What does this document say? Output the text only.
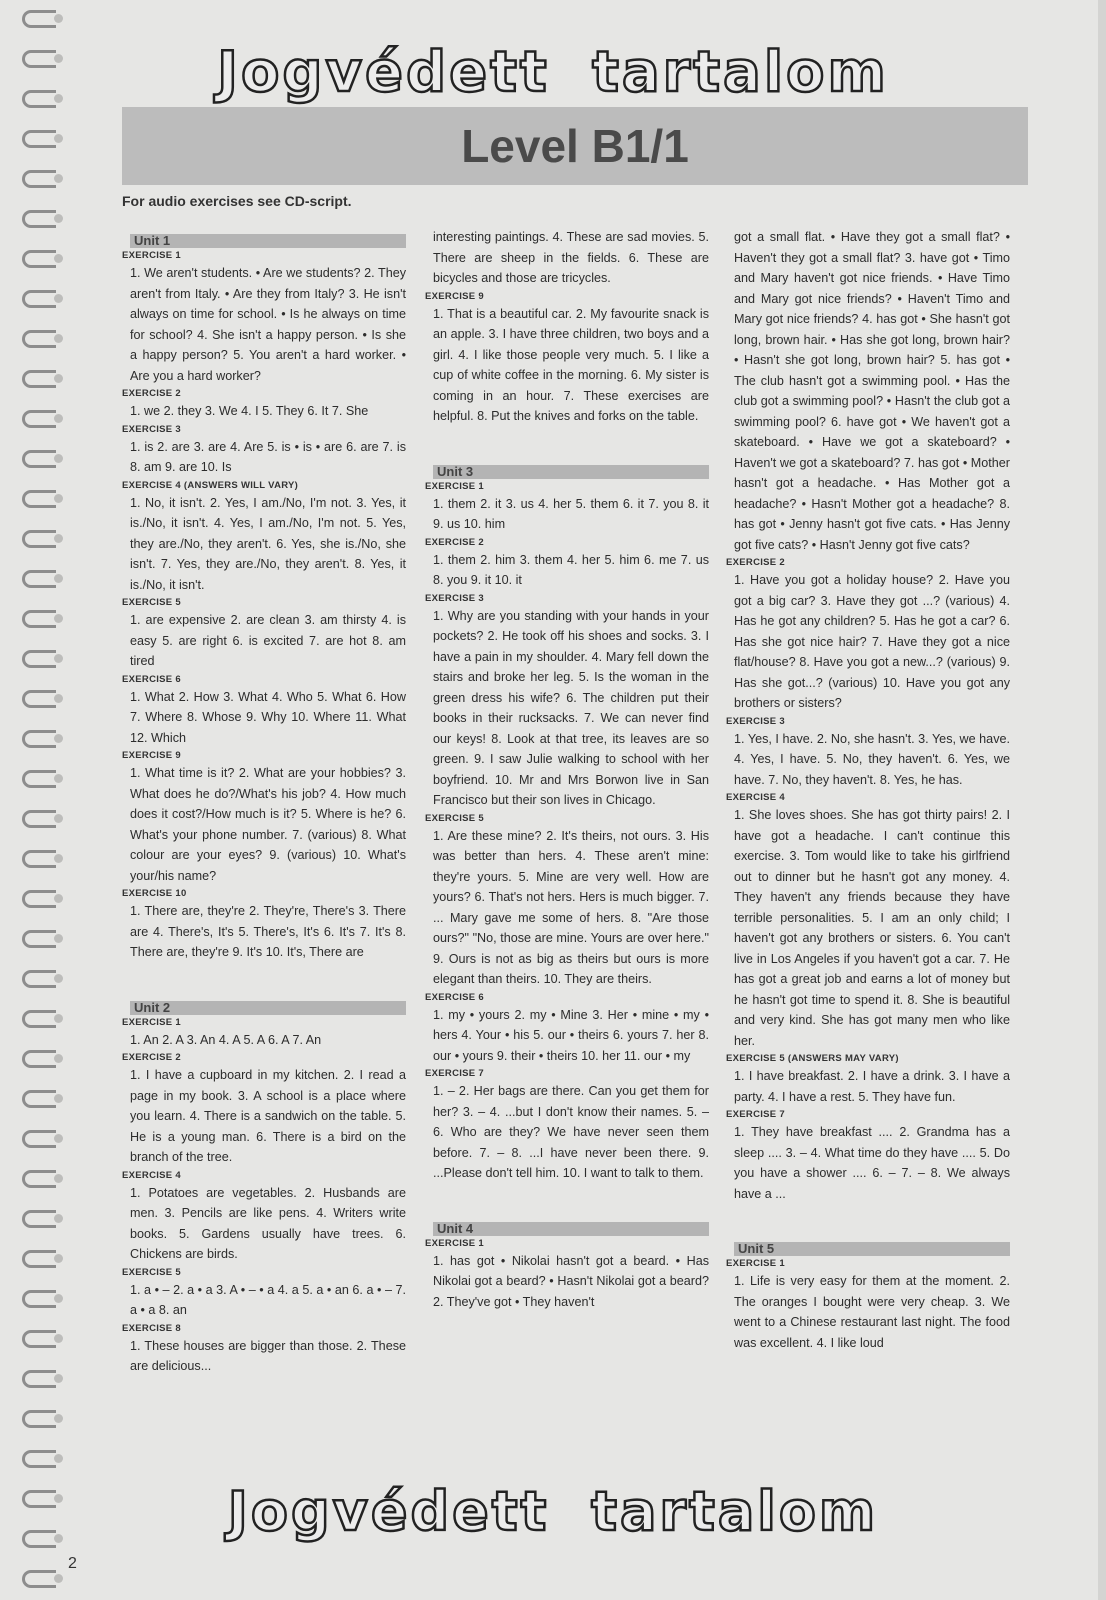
Jogvédett tartalom
Level B1/1
For audio exercises see CD-script.
Unit 1
EXERCISE 1

1. We aren't students. • Are we students? 2. They aren't from Italy. • Are they from Italy? 3. He isn't always on time for school. • Is he always on time for school? 4. She isn't a happy person. • Is she a happy person? 5. You aren't a hard worker. • Are you a hard worker?

EXERCISE 2

1. we 2. they 3. We 4. I 5. They 6. It 7. She

EXERCISE 3

1. is 2. are 3. are 4. Are 5. is • is • are 6. are 7. is 8. am 9. are 10. Is

EXERCISE 4 (ANSWERS WILL VARY)

1. No, it isn't. 2. Yes, I am./No, I'm not. 3. Yes, it is./No, it isn't. 4. Yes, I am./No, I'm not. 5. Yes, they are./No, they aren't. 6. Yes, she is./No, she isn't. 7. Yes, they are./No, they aren't. 8. Yes, it is./No, it isn't.

EXERCISE 5

1. are expensive 2. are clean 3. am thirsty 4. is easy 5. are right 6. is excited 7. are hot 8. am tired

EXERCISE 6

1. What 2. How 3. What 4. Who 5. What 6. How 7. Where 8. Whose 9. Why 10. Where 11. What 12. Which

EXERCISE 9

1. What time is it? 2. What are your hobbies? 3. What does he do?/What's his job? 4. How much does it cost?/How much is it? 5. Where is he? 6. What's your phone number. 7. (various) 8. What colour are your eyes? 9. (various) 10. What's your/his name?

EXERCISE 10

1. There are, they're 2. They're, There's 3. There are 4. There's, It's 5. There's, It's 6. It's 7. It's 8. There are, they're 9. It's 10. It's, There are

Unit 2
EXERCISE 1

1. An 2. A 3. An 4. A 5. A 6. A 7. An

EXERCISE 2

1. I have a cupboard in my kitchen. 2. I read a page in my book. 3. A school is a place where you learn. 4. There is a sandwich on the table. 5. He is a young man. 6. There is a bird on the branch of the tree.

EXERCISE 4

1. Potatoes are vegetables. 2. Husbands are men. 3. Pencils are like pens. 4. Writers write books. 5. Gardens usually have trees. 6. Chickens are birds.

EXERCISE 5

1. a • – 2. a • a 3. A • – • a 4. a 5. a • an 6. a • – 7. a • a 8. an

EXERCISE 8

1. These houses are bigger than those. 2. These are delicious...

interesting paintings. 4. These are sad movies. 5. There are sheep in the fields. 6. These are bicycles and those are tricycles.

EXERCISE 9

1. That is a beautiful car. 2. My favourite snack is an apple. 3. I have three children, two boys and a girl. 4. I like those people very much. 5. I like a cup of white coffee in the morning. 6. My sister is coming in an hour. 7. These exercises are helpful. 8. Put the knives and forks on the table.

Unit 3
EXERCISE 1

1. them 2. it 3. us 4. her 5. them 6. it 7. you 8. it 9. us 10. him

EXERCISE 2

1. them 2. him 3. them 4. her 5. him 6. me 7. us 8. you 9. it 10. it

EXERCISE 3

1. Why are you standing with your hands in your pockets? 2. He took off his shoes and socks. 3. I have a pain in my shoulder. 4. Mary fell down the stairs and broke her leg. 5. Is the woman in the green dress his wife? 6. The children put their books in their rucksacks. 7. We can never find our keys! 8. Look at that tree, its leaves are so green. 9. I saw Julie walking to school with her boyfriend. 10. Mr and Mrs Borwon live in San Francisco but their son lives in Chicago.

EXERCISE 5

1. Are these mine? 2. It's theirs, not ours. 3. His was better than hers. 4. These aren't mine: they're yours. 5. Mine are very well. How are yours? 6. That's not hers. Hers is much bigger. 7. ... Mary gave me some of hers. 8. "Are those ours?" "No, those are mine. Yours are over here." 9. Ours is not as big as theirs but ours is more elegant than theirs. 10. They are theirs.

EXERCISE 6

1. my • yours 2. my • Mine 3. Her • mine • my • hers 4. Your • his 5. our • theirs 6. yours 7. her 8. our • yours 9. their • theirs 10. her 11. our • my

EXERCISE 7

1. – 2. Her bags are there. Can you get them for her? 3. – 4. ...but I don't know their names. 5. – 6. Who are they? We have never seen them before. 7. – 8. ...I have never been there. 9. ...Please don't tell him. 10. I want to talk to them.

Unit 4
EXERCISE 1

1. has got • Nikolai hasn't got a beard. • Has Nikolai got a beard? • Hasn't Nikolai got a beard? 2. They've got • They haven't

got a small flat. • Have they got a small flat? • Haven't they got a small flat? 3. have got • Timo and Mary haven't got nice friends. • Have Timo and Mary got nice friends? • Haven't Timo and Mary got nice friends? 4. has got • She hasn't got long, brown hair. • Has she got long, brown hair? • Hasn't she got long, brown hair? 5. has got • The club hasn't got a swimming pool. • Has the club got a swimming pool? • Hasn't the club got a swimming pool? 6. have got • We haven't got a skateboard. • Have we got a skateboard? • Haven't we got a skateboard? 7. has got • Mother hasn't got a headache. • Has Mother got a headache? • Hasn't Mother got a headache? 8. has got • Jenny hasn't got five cats. • Has Jenny got five cats? • Hasn't Jenny got five cats?

EXERCISE 2

1. Have you got a holiday house? 2. Have you got a big car? 3. Have they got ...? (various) 4. Has he got any children? 5. Has he got a car? 6. Has she got nice hair? 7. Have they got a nice flat/house? 8. Have you got a new...? (various) 9. Has she got...? (various) 10. Have you got any brothers or sisters?

EXERCISE 3

1. Yes, I have. 2. No, she hasn't. 3. Yes, we have. 4. Yes, I have. 5. No, they haven't. 6. Yes, we have. 7. No, they haven't. 8. Yes, he has.

EXERCISE 4

1. She loves shoes. She has got thirty pairs! 2. I have got a headache. I can't continue this exercise. 3. Tom would like to take his girlfriend out to dinner but he hasn't got any money. 4. They haven't any friends because they have terrible personalities. 5. I am an only child; I haven't got any brothers or sisters. 6. You can't live in Los Angeles if you haven't got a car. 7. He has got a great job and earns a lot of money but he hasn't got time to spend it. 8. She is beautiful and very kind. She has got many men who like her.

EXERCISE 5 (ANSWERS MAY VARY)

1. I have breakfast. 2. I have a drink. 3. I have a party. 4. I have a rest. 5. They have fun.

EXERCISE 7

1. They have breakfast .... 2. Grandma has a sleep .... 3. – 4. What time do they have .... 5. Do you have a shower .... 6. – 7. – 8. We always have a ...

Unit 5
EXERCISE 1

1. Life is very easy for them at the moment. 2. The oranges I bought were very cheap. 3. We went to a Chinese restaurant last night. The food was excellent. 4. I like loud

Jogvédett tartalom
2
